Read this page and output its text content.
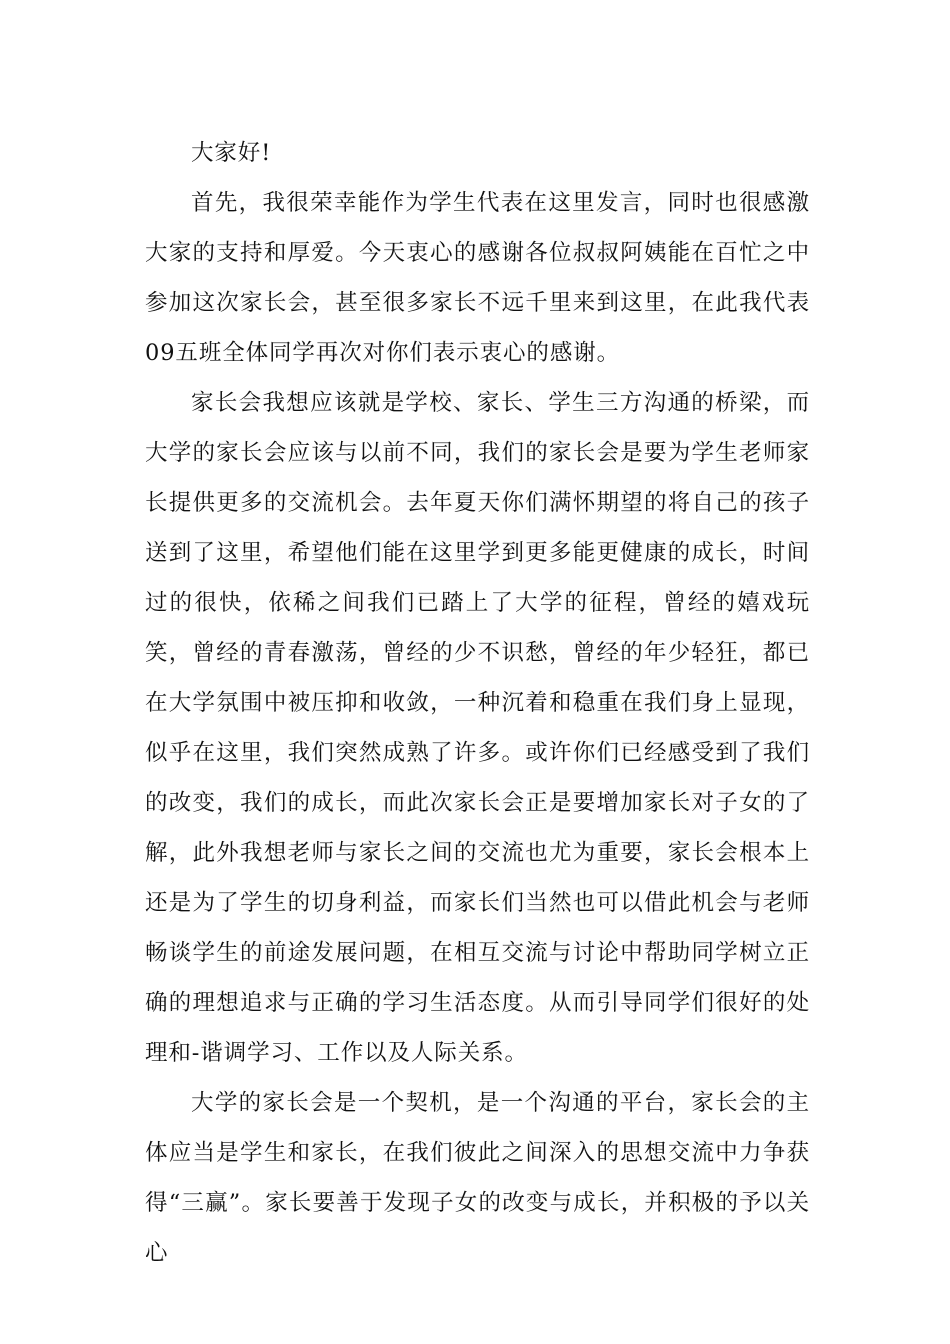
大家好!

首先，我很荣幸能作为学生代表在这里发言，同时也很感激大家的支持和厚爱。今天衷心的感谢各位叔叔阿姨能在百忙之中参加这次家长会，甚至很多家长不远千里来到这里，在此我代表09五班全体同学再次对你们表示衷心的感谢。

家长会我想应该就是学校、家长、学生三方沟通的桥梁，而大学的家长会应该与以前不同，我们的家长会是要为学生老师家长提供更多的交流机会。去年夏天你们满怀期望的将自己的孩子送到了这里，希望他们能在这里学到更多能更健康的成长，时间过的很快，依稀之间我们已踏上了大学的征程，曾经的嬉戏玩笑，曾经的青春激荡，曾经的少不识愁，曾经的年少轻狂，都已在大学氛围中被压抑和收敛，一种沉着和稳重在我们身上显现，似乎在这里，我们突然成熟了许多。或许你们已经感受到了我们的改变，我们的成长，而此次家长会正是要增加家长对子女的了解，此外我想老师与家长之间的交流也尤为重要，家长会根本上还是为了学生的切身利益，而家长们当然也可以借此机会与老师畅谈学生的前途发展问题，在相互交流与讨论中帮助同学树立正确的理想追求与正确的学习生活态度。从而引导同学们很好的处理和-谐调学习、工作以及人际关系。

大学的家长会是一个契机，是一个沟通的平台，家长会的主体应当是学生和家长，在我们彼此之间深入的思想交流中力争获得“三赢”。家长要善于发现子女的改变与成长，并积极的予以关心
